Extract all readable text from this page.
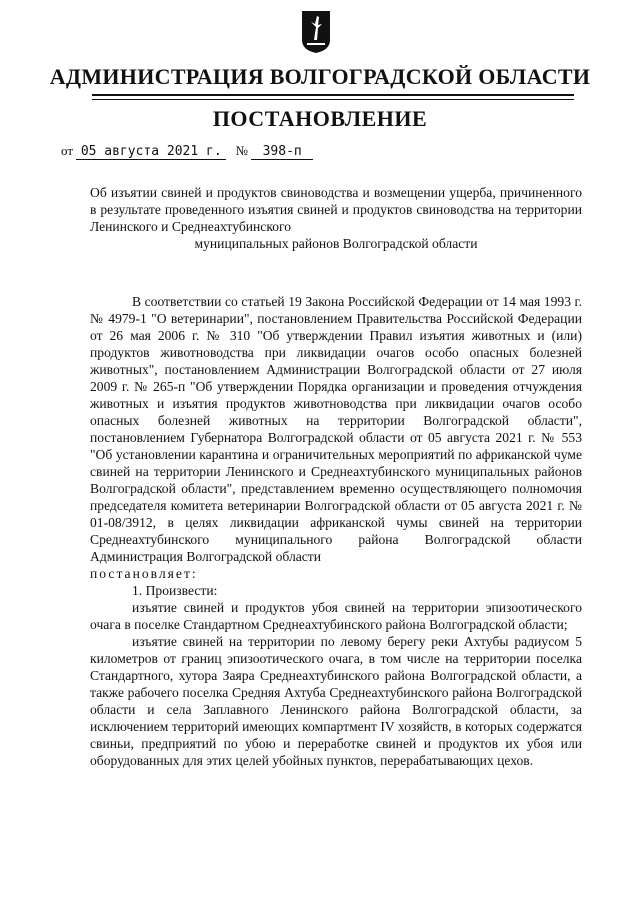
АДМИНИСТРАЦИЯ ВОЛГОГРАДСКОЙ ОБЛАСТИ
ПОСТАНОВЛЕНИЕ
от 05 августа 2021 г. № 398-п
Об изъятии свиней и продуктов свиноводства и возмещении ущерба, причиненного в результате проведенного изъятия свиней и продуктов свиноводства на территории Ленинского и Среднеахтубинского
муниципальных районов Волгоградской области

В соответствии со статьей 19 Закона Российской Федерации от 14 мая 1993 г. № 4979-1 "О ветеринарии", постановлением Правительства Российской Федерации от 26 мая 2006 г. № 310 "Об утверждении Правил изъятия животных и (или) продуктов животноводства при ликвидации очагов особо опасных болезней животных", постановлением Администрации Волгоградской области от 27 июля 2009 г. № 265-п "Об утверждении Порядка организации и проведения отчуждения животных и изъятия продуктов животноводства при ликвидации очагов особо опасных болезней животных на территории Волгоградской области", постановлением Губернатора Волгоградской области от 05 августа 2021 г. № 553 "Об установлении карантина и ограничительных мероприятий по африканской чуме свиней на территории Ленинского и Среднеахтубинского муниципальных районов Волгоградской области", представлением временно осуществляющего полномочия председателя комитета ветеринарии Волгоградской области от 05 августа 2021 г. № 01-08/3912, в целях ликвидации африканской чумы свиней на территории Среднеахтубинского муниципального района Волгоградской области Администрация Волгоградской области

постановляет:

1. Произвести:

изъятие свиней и продуктов убоя свиней на территории эпизоотического очага в поселке Стандартном Среднеахтубинского района Волгоградской области;

изъятие свиней на территории по левому берегу реки Ахтубы радиусом 5 километров от границ эпизоотического очага, в том числе на территории поселка Стандартного, хутора Заяра Среднеахтубинского района Волгоградской области, а также рабочего поселка Средняя Ахтуба Среднеахтубинского района Волгоградской области и села Заплавного Ленинского района Волгоградской области, за исключением территорий имеющих компартмент IV хозяйств, в которых содержатся свиньи, предприятий по убою и переработке свиней и продуктов их убоя или оборудованных для этих целей убойных пунктов, перерабатывающих цехов.
